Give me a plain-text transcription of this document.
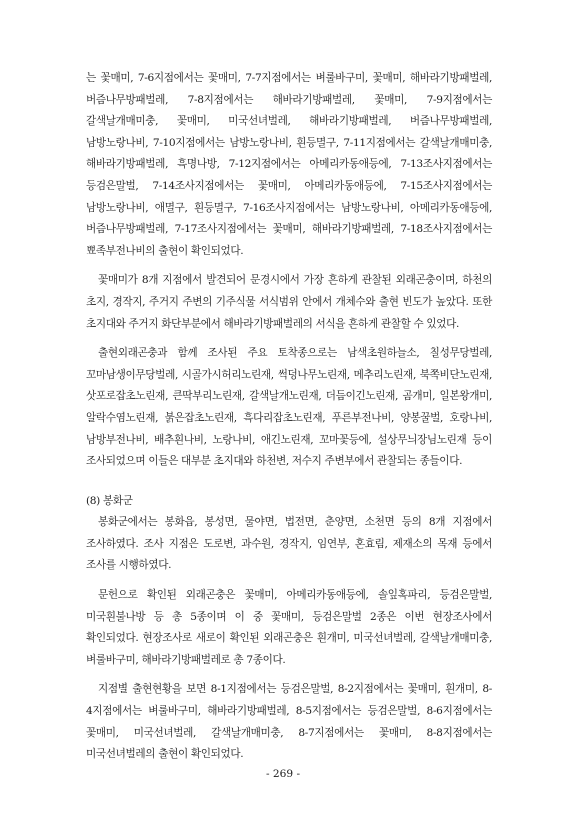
는 꽃매미, 7-6지점에서는 꽃매미, 7-7지점에서는 벼룰바구미, 꽃매미, 해바라기방패벌레, 버즘나무방패벌레, 7-8지점에서는 해바라기방패벌레, 꽃매미, 7-9지점에서는 갈색날개매미충, 꽃매미, 미국선녀벌레, 해바라기방패벌레, 버즘나무방패벌레, 남방노랑나비, 7-10지점에서는 남방노랑나비, 흰등멸구, 7-11지점에서는 갈색날개매미충, 해바라기방패벌레, 흑명나방, 7-12지점에서는 아메리카동애등에, 7-13조사지점에서는 등검은말벌, 7-14조사지점에서는 꽃매미, 아메리카동애등에, 7-15조사지점에서는 남방노랑나비, 애멸구, 흰등멸구, 7-16조사지점에서는 남방노랑나비, 아메리카동애등에, 버즘나무방패벌레, 7-17조사지점에서는 꽃매미, 해바라기방패벌레, 7-18조사지점에서는 뾰족부전나비의 출현이 확인되었다.

꽃매미가 8개 지점에서 발견되어 문경시에서 가장 흔하게 관찰된 외래곤충이며, 하천의 초지, 경작지, 주거지 주변의 기주식물 서식범위 안에서 개체수와 출현 빈도가 높았다. 또한 초지대와 주거지 화단부분에서 해바라기방패벌레의 서식을 흔하게 관찰할 수 있었다.

출현외래곤충과 함께 조사된 주요 토착종으로는 남색초원하늘소, 칠성무당벌레, 꼬마남생이무당벌레, 시골가시허리노린재, 썩덩나무노린재, 메추리노린재, 북쪽비단노린재, 삿포로잡초노린재, 큰딱부리노린재, 갈색날개노린재, 더듬이긴노린재, 곰개미, 일본왕개미, 알락수염노린재, 붉은잡초노린재, 흑다리잡초노린재, 푸른부전나비, 양봉꿀벌, 호랑나비, 남방부전나비, 배추흰나비, 노랑나비, 애긴노린재, 꼬마꽃등에, 설상무늬장님노린재 등이 조사되었으며 이들은 대부분 초지대와 하천변, 저수지 주변부에서 관찰되는 종들이다.

(8) 봉화군

봉화군에서는 봉화읍, 봉성면, 물야면, 법전면, 춘양면, 소천면 등의 8개 지점에서 조사하였다. 조사 지점은 도로변, 과수원, 경작지, 임연부, 혼효림, 제재소의 목재 등에서 조사를 시행하였다.

문헌으로 확인된 외래곤충은 꽃매미, 아메리카동애등에, 솔잎혹파리, 등검은말벌, 미국흰불나방 등 총 5종이며 이 중 꽃매미, 등검은말벌 2종은 이번 현장조사에서 확인되었다. 현장조사로 새로이 확인된 외래곤충은 흰개미, 미국선녀벌레, 갈색날개매미충, 벼룰바구미, 해바라기방패벌레로 총 7종이다.

지점별 출현현황을 보면 8-1지점에서는 등검은말벌, 8-2지점에서는 꽃매미, 흰개미, 8-4지점에서는 벼룰바구미, 해바라기방패벌레, 8-5지점에서는 등검은말벌, 8-6지점에서는 꽃매미, 미국선녀벌레, 갈색날개매미충, 8-7지점에서는 꽃매미, 8-8지점에서는 미국선녀벌레의 출현이 확인되었다.

- 269 -
